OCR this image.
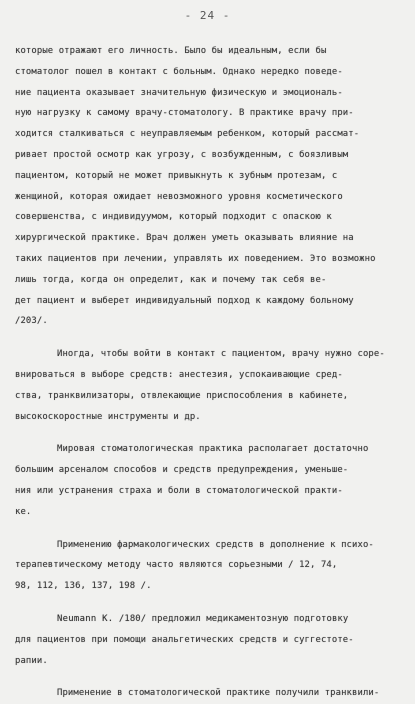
- 24 -

которые отражают его личность. Было бы идеальным, если бы
стоматолог пошел в контакт с больным. Однако нередко поведе-
ние пациента оказывает значительную физическую и эмоциональ-
ную нагрузку к самому врачу-стоматологу. В практике врачу при-
ходится сталкиваться с неуправляемым ребенком, который рассмат-
ривает простой осмотр как угрозу, с возбужденным, с боязливым
пациентом, который не может привыкнуть к зубным протезам, с
женщиной, которая ожидает невозможного уровня косметического
совершенства, с индивидуумом, который подходит с опаскою к
хирургической практике. Врач должен уметь оказывать влияние на
таких пациентов при лечении, управлять их поведением. Это возможно
лишь тогда, когда он определит, как и почему так себя ве-
дет пациент и выберет индивидуальный подход к каждому больному
/203/.

Иногда, чтобы войти в контакт с пациентом, врачу нужно соре-
внироваться в выборе средств: анестезия, успокаивающие сред-
ства, транквилизаторы, отвлекающие приспособления в кабинете,
высокоскоростные инструменты и др.

Мировая стоматологическая практика располагает достаточно
большим арсеналом способов и средств предупреждения, уменьше-
ния или устранения страха и боли в стоматологической практи-
ке.

Применению фармакологических средств в дополнение к психо-
терапевтическому методу часто являются сорьезными / 12, 74,
98, 112, 136, 137, 198 /.

Neumann K. /180/ предложил медикаментозную подготовку
для пациентов при помощи анальгетических средств и суггестоте-
рапии.

Применение в стоматологической практике получили транквили-
